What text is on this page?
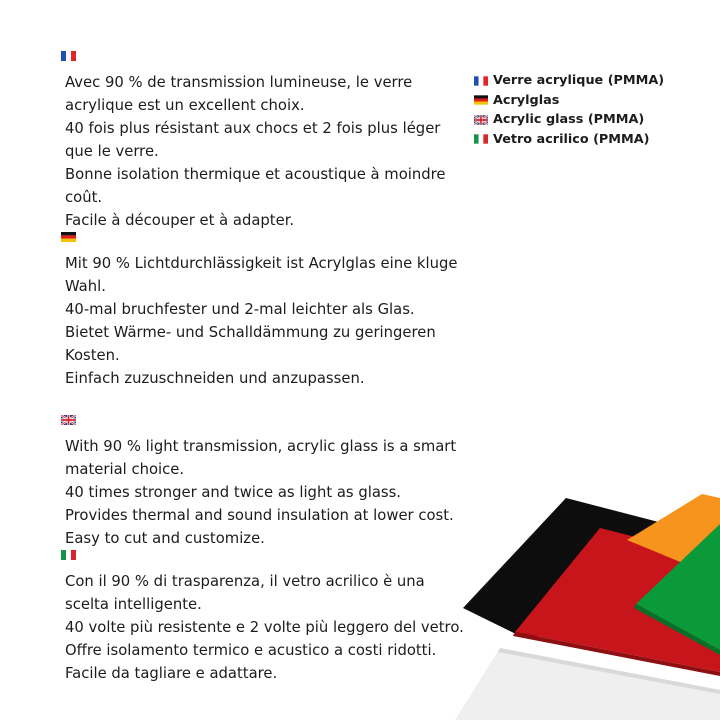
Avec 90 % de transmission lumineuse, le verre acrylique est un excellent choix.

40 fois plus résistant aux chocs et 2 fois plus léger que le verre.

Bonne isolation thermique et acoustique à moindre coût.

Facile à découper et à adapter.

Mit 90 % Lichtdurchlässigkeit ist Acrylglas eine kluge Wahl.

40-mal bruchfester und 2-mal leichter als Glas.

Bietet Wärme- und Schalldämmung zu geringeren Kosten.

Einfach zuzuschneiden und anzupassen.

With 90 % light transmission, acrylic glass is a smart material choice.

40 times stronger and twice as light as glass.

Provides thermal and sound insulation at lower cost.

Easy to cut and customize.

Con il 90 % di trasparenza, il vetro acrilico è una scelta intelligente.

40 volte più resistente e 2 volte più leggero del vetro.

Offre isolamento termico e acustico a costi ridotti.

Facile da tagliare e adattare.

Verre acrylique (PMMA)
Acrylglas
Acrylic glass (PMMA)
Vetro acrilico (PMMA)
